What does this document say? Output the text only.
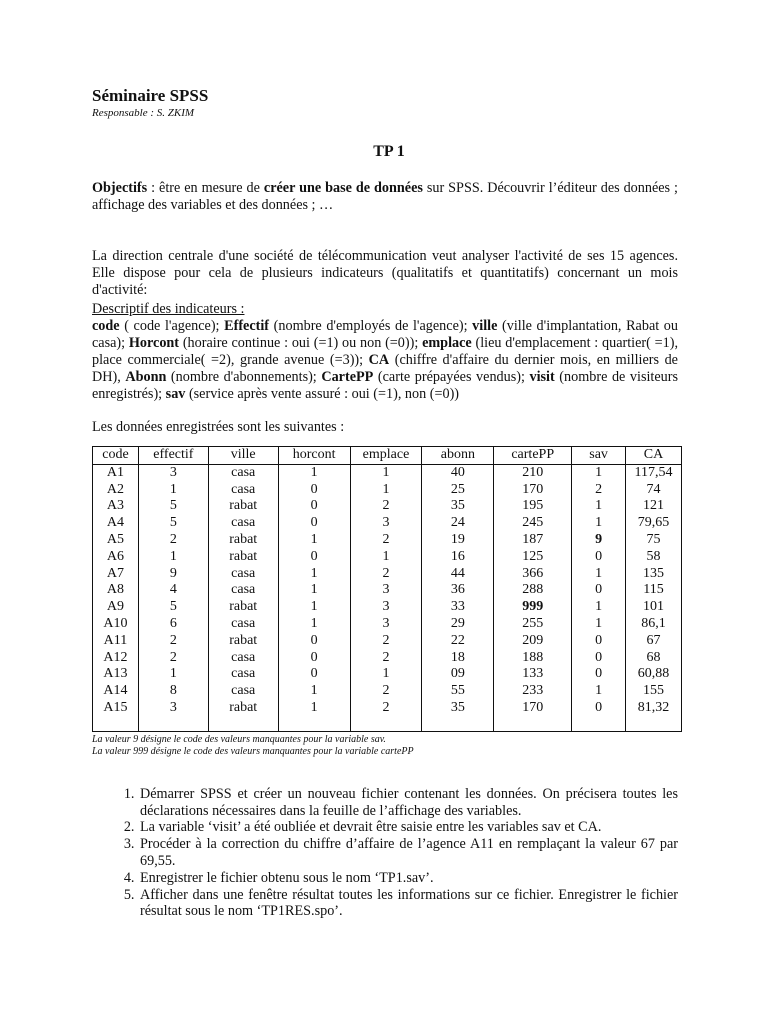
Séminaire SPSS

Responsable : S. ZKIM

TP 1

Objectifs : être en mesure de créer une base de données sur SPSS. Découvrir l’éditeur des données ; affichage des variables et des données ; …

La direction centrale d'une société de télécommunication veut analyser l'activité de ses 15 agences. Elle dispose pour cela de plusieurs indicateurs (qualitatifs et quantitatifs) concernant un mois d'activité:

Descriptif des indicateurs :

code ( code l'agence); Effectif (nombre d'employés de l'agence); ville (ville d'implantation, Rabat ou casa); Horcont (horaire continue : oui (=1) ou non (=0)); emplace (lieu d'emplacement : quartier( =1), place commerciale( =2), grande avenue (=3)); CA (chiffre d'affaire du dernier mois, en milliers de DH), Abonn (nombre d'abonnements); CartePP (carte prépayées vendus); visit (nombre de visiteurs enregistrés); sav (service après vente assuré : oui (=1), non (=0))

Les données enregistrées sont les suivantes :

code	effectif	ville	horcont	emplace	abonn	cartePP	sav	CA
A1	3	casa	1	1	40	210	1	117,54
A2	1	casa	0	1	25	170	2	74
A3	5	rabat	0	2	35	195	1	121
A4	5	casa	0	3	24	245	1	79,65
A5	2	rabat	1	2	19	187	9	75
A6	1	rabat	0	1	16	125	0	58
A7	9	casa	1	2	44	366	1	135
A8	4	casa	1	3	36	288	0	115
A9	5	rabat	1	3	33	999	1	101
A10	6	casa	1	3	29	255	1	86,1
A11	2	rabat	0	2	22	209	0	67
A12	2	casa	0	2	18	188	0	68
A13	1	casa	0	1	09	133	0	60,88
A14	8	casa	1	2	55	233	1	155
A15	3	rabat	1	2	35	170	0	81,32
La valeur 9 désigne le code des valeurs manquantes pour la variable sav.
La valeur 999 désigne le code des valeurs manquantes pour la variable cartePP
1. Démarrer SPSS et créer un nouveau fichier contenant les données. On précisera toutes les déclarations nécessaires dans la feuille de l’affichage des variables.
2. La variable ‘visit’ a été oubliée et devrait être saisie entre les variables sav et CA.
3. Procéder à la correction du chiffre d’affaire de l’agence A11 en remplaçant la valeur 67 par 69,55.
4. Enregistrer le fichier obtenu sous le nom ‘TP1.sav’.
5. Afficher dans une fenêtre résultat toutes les informations sur ce fichier. Enregistrer le fichier résultat sous le nom ‘TP1RES.spo’.
